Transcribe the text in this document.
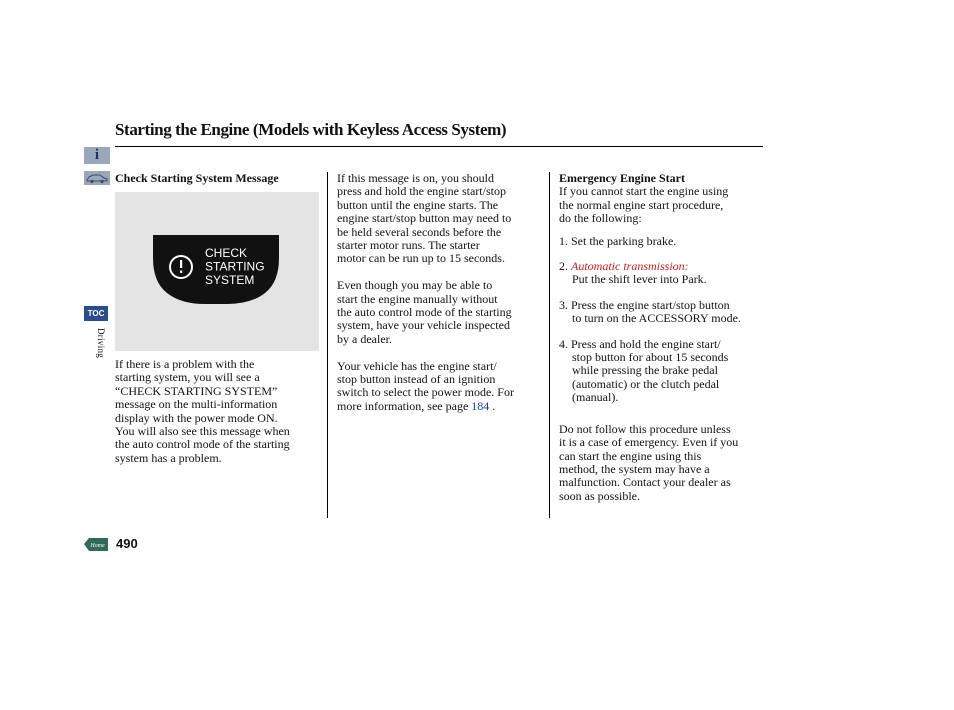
Starting the Engine (Models with Keyless Access System)
i
TOC
Driving
Check Starting System Message
CHECK
STARTING
SYSTEM
If there is a problem with the
starting system, you will see a
“CHECK STARTING SYSTEM”
message on the multi-information
display with the power mode ON.
You will also see this message when
the auto control mode of the starting
system has a problem.
If this message is on, you should
press and hold the engine start/stop
button until the engine starts. The
engine start/stop button may need to
be held several seconds before the
starter motor runs. The starter
motor can be run up to 15 seconds.
Even though you may be able to
start the engine manually without
the auto control mode of the starting
system, have your vehicle inspected
by a dealer.
Your vehicle has the engine start/
stop button instead of an ignition
switch to select the power mode. For
more information, see page 184 .
Emergency Engine Start
If you cannot start the engine using
the normal engine start procedure,
do the following:
1. Set the parking brake.
2. Automatic transmission:
Put the shift lever into Park.
3. Press the engine start/stop button
to turn on the ACCESSORY mode.
4. Press and hold the engine start/
stop button for about 15 seconds
while pressing the brake pedal
(automatic) or the clutch pedal
(manual).
Do not follow this procedure unless
it is a case of emergency. Even if you
can start the engine using this
method, the system may have a
malfunction. Contact your dealer as
soon as possible.
Home 490
